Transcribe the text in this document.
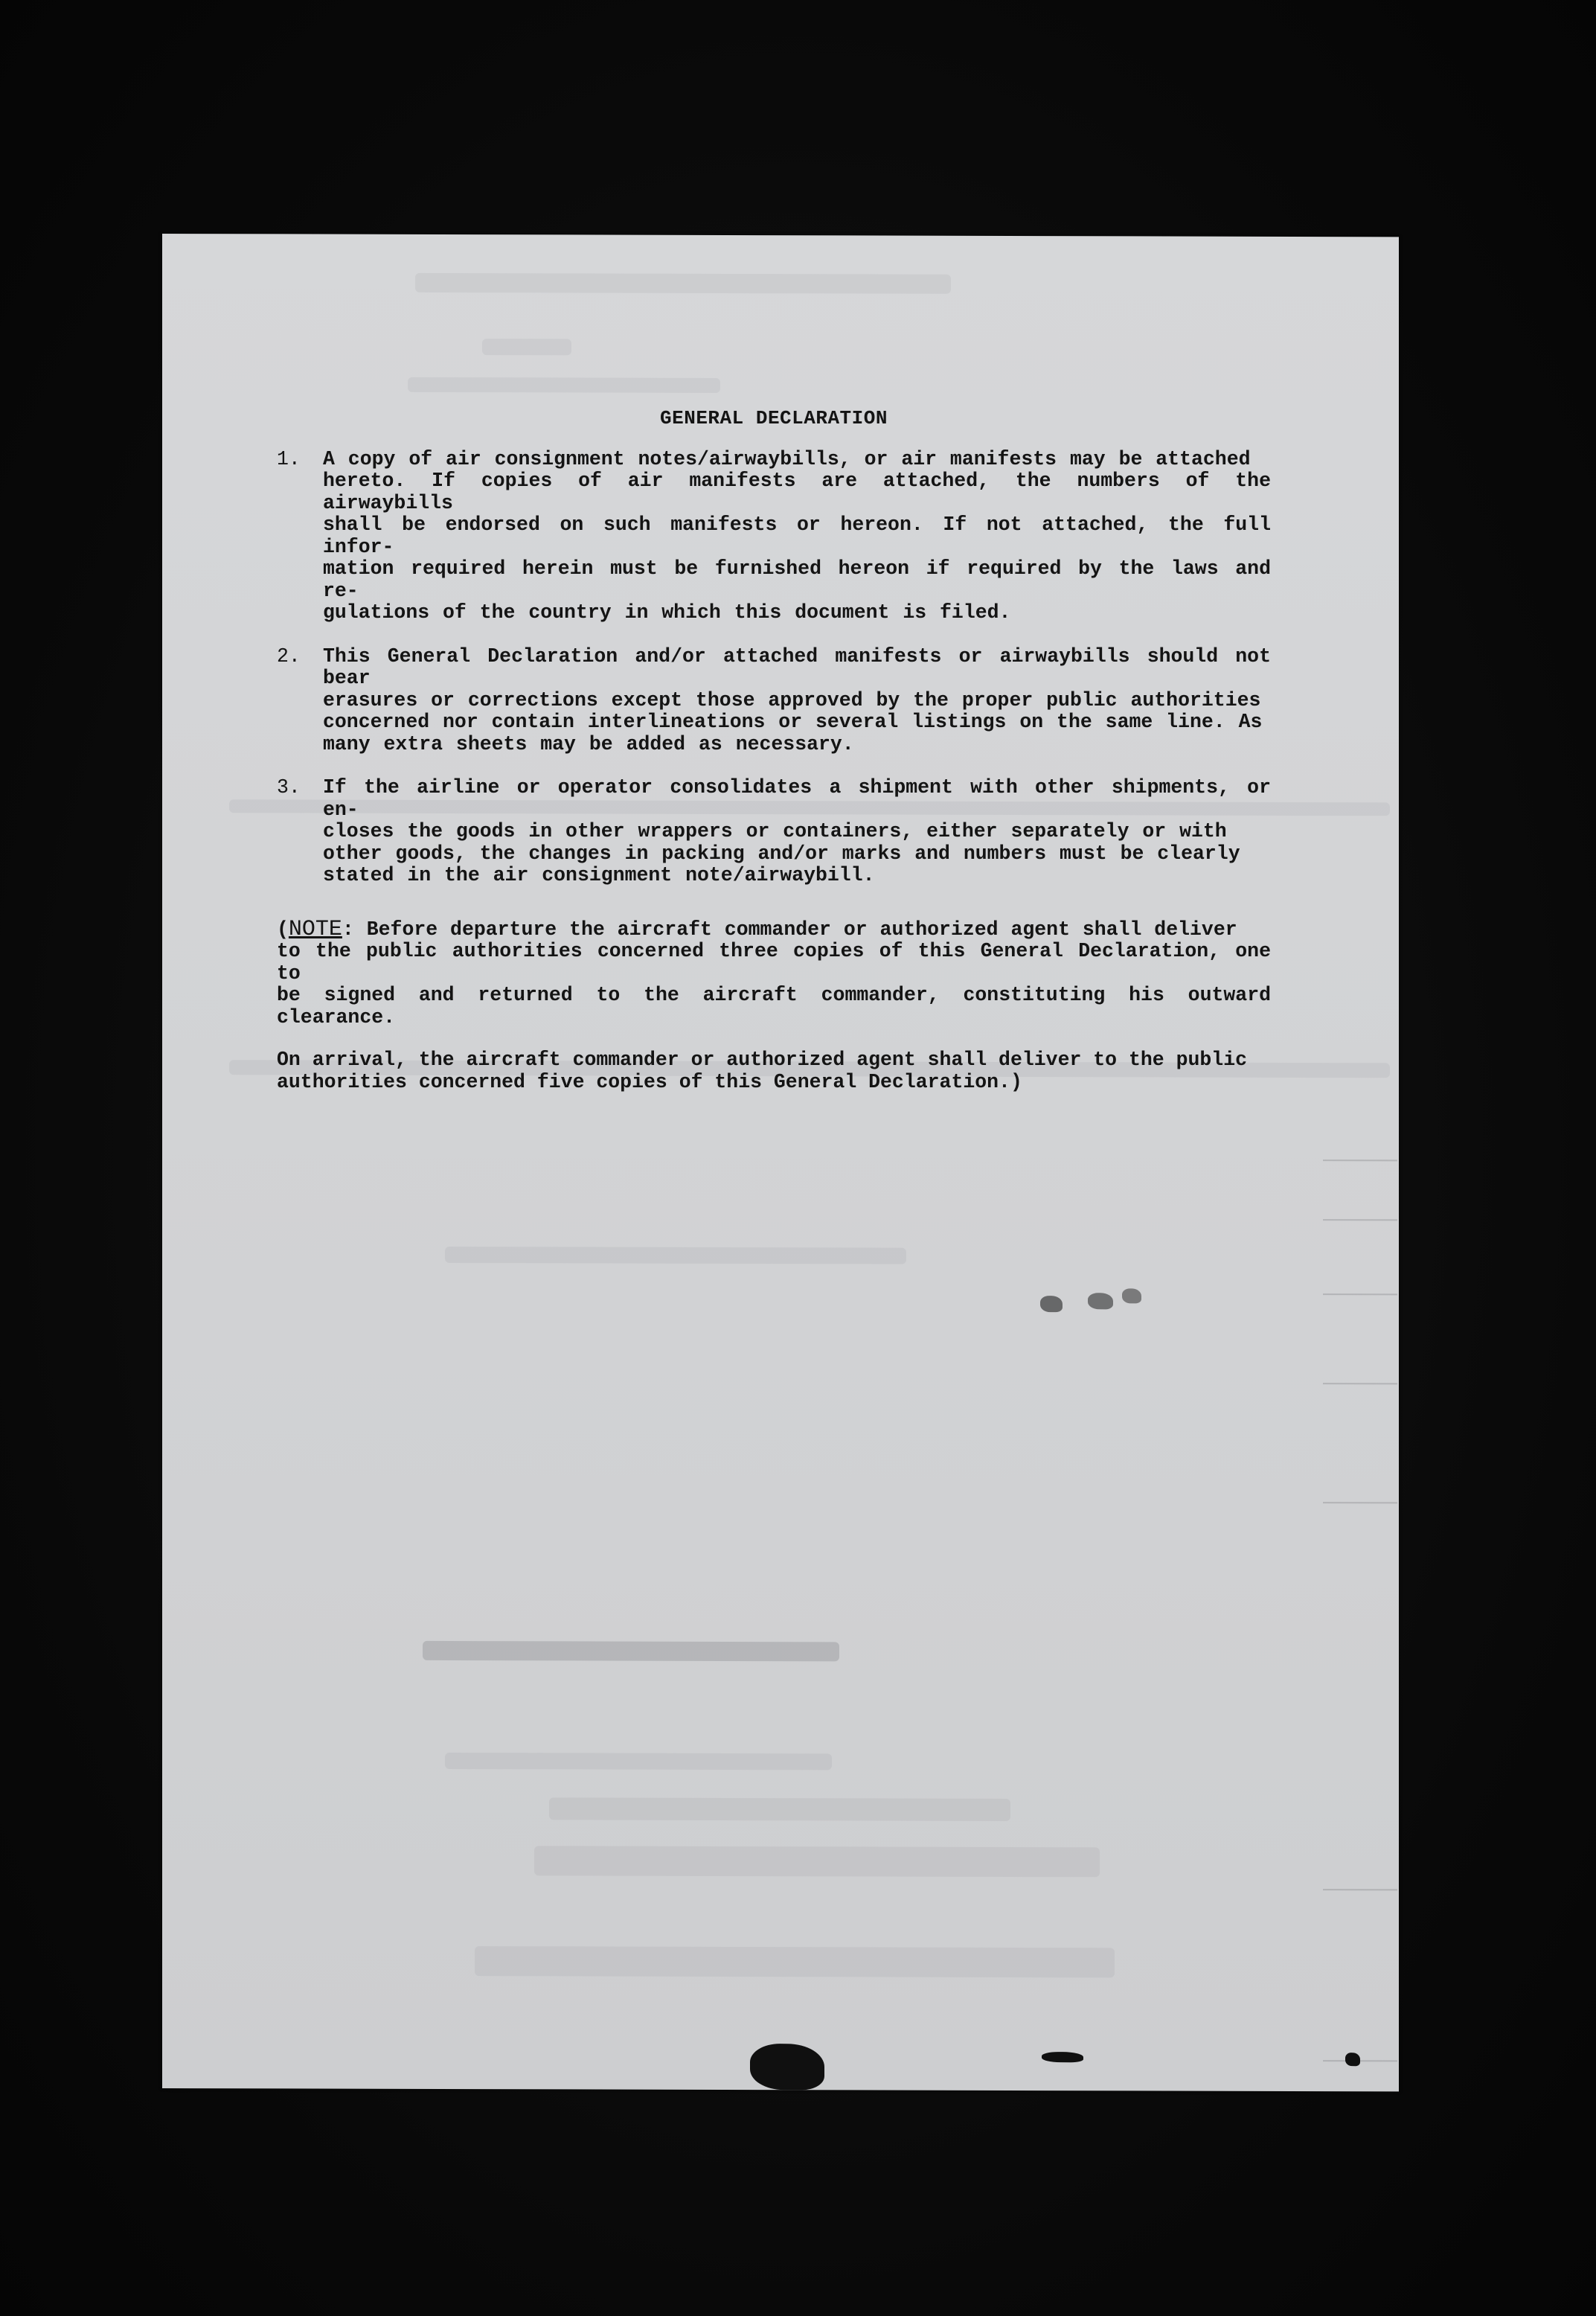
GENERAL DECLARATION
1.	A copy of air consignment notes/airwaybills, or air manifests may be attached
hereto. If copies of air manifests are attached, the numbers of the airwaybills
shall be endorsed on such manifests or hereon. If not attached, the full infor-
mation required herein must be furnished hereon if required by the laws and re-
gulations of the country in which this document is filed.
2.	This General Declaration and/or attached manifests or airwaybills should not bear
erasures or corrections except those approved by the proper public authorities
concerned nor contain interlineations or several listings on the same line. As
many extra sheets may be added as necessary.
3.	If the airline or operator consolidates a shipment with other shipments, or en-
closes the goods in other wrappers or containers, either separately or with
other goods, the changes in packing and/or marks and numbers must be clearly
stated in the air consignment note/airwaybill.
(NOTE: Before departure the aircraft commander or authorized agent shall deliver
to the public authorities concerned three copies of this General Declaration, one to
be signed and returned to the aircraft commander, constituting his outward clearance.
On arrival, the aircraft commander or authorized agent shall deliver to the public
authorities concerned five copies of this General Declaration.)
